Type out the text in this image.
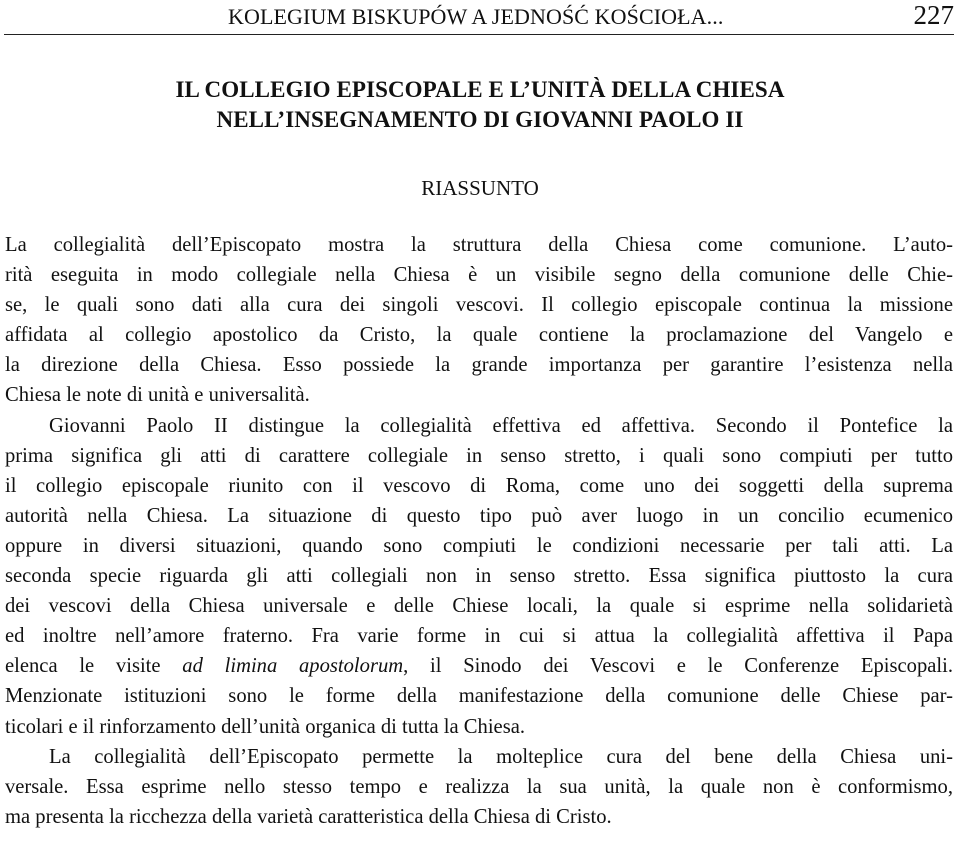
KOLEGIUM BISKUPÓW A JEDNOŚĆ KOŚCIOŁA...	227
IL COLLEGIO EPISCOPALE E L’UNITÀ DELLA CHIESA
NELL’INSEGNAMENTO DI GIOVANNI PAOLO II
RIASSUNTO
La collegialità dell’Episcopato mostra la struttura della Chiesa come comunione. L’auto-
rità eseguita in modo collegiale nella Chiesa è un visibile segno della comunione delle Chie-
se, le quali sono dati alla cura dei singoli vescovi. Il collegio episcopale continua la missione
affidata al collegio apostolico da Cristo, la quale contiene la proclamazione del Vangelo e
la direzione della Chiesa. Esso possiede la grande importanza per garantire l’esistenza nella
Chiesa le note di unità e universalità.
Giovanni Paolo II distingue la collegialità effettiva ed affettiva. Secondo il Pontefice la
prima significa gli atti di carattere collegiale in senso stretto, i quali sono compiuti per tutto
il collegio episcopale riunito con il vescovo di Roma, come uno dei soggetti della suprema
autorità nella Chiesa. La situazione di questo tipo può aver luogo in un concilio ecumenico
oppure in diversi situazioni, quando sono compiuti le condizioni necessarie per tali atti. La
seconda specie riguarda gli atti collegiali non in senso stretto. Essa significa piuttosto la cura
dei vescovi della Chiesa universale e delle Chiese locali, la quale si esprime nella solidarietà
ed inoltre nell’amore fraterno. Fra varie forme in cui si attua la collegialità affettiva il Papa
elenca le visite ad limina apostolorum, il Sinodo dei Vescovi e le Conferenze Episcopali.
Menzionate istituzioni sono le forme della manifestazione della comunione delle Chiese par-
ticolari e il rinforzamento dell’unità organica di tutta la Chiesa.
La collegialità dell’Episcopato permette la molteplice cura del bene della Chiesa uni-
versale. Essa esprime nello stesso tempo e realizza la sua unità, la quale non è conformismo,
ma presenta la ricchezza della varietà caratteristica della Chiesa di Cristo.
